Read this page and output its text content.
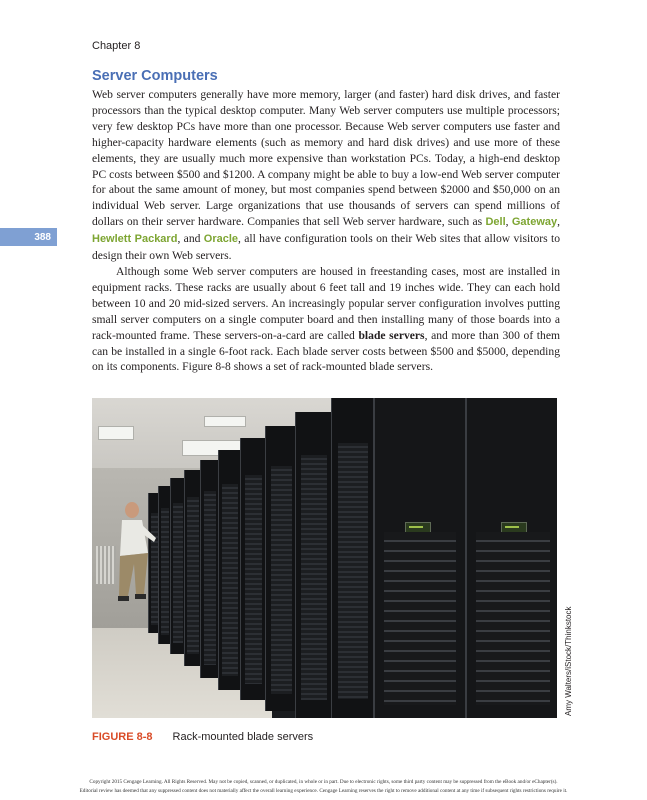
Chapter 8
388
Server Computers

Web server computers generally have more memory, larger (and faster) hard disk drives, and faster processors than the typical desktop computer. Many Web server computers use multiple processors; very few desktop PCs have more than one processor. Because Web server computers use faster and higher-capacity hardware elements (such as memory and hard disk drives) and use more of these elements, they are usually much more expensive than workstation PCs. Today, a high-end desktop PC costs between $500 and $1200. A company might be able to buy a low-end Web server computer for about the same amount of money, but most companies spend between $2000 and $50,000 on an individual Web server. Large organizations that use thousands of servers can spend millions of dollars on their server hardware. Companies that sell Web server hardware, such as Dell, Gateway, Hewlett Packard, and Oracle, all have configuration tools on their Web sites that allow visitors to design their own Web servers.

Although some Web server computers are housed in freestanding cases, most are installed in equipment racks. These racks are usually about 6 feet tall and 19 inches wide. They can each hold between 10 and 20 mid-sized servers. An increasingly popular server configuration involves putting small server computers on a single computer board and then installing many of those boards into a rack-mounted frame. These servers-on-a-card are called blade servers, and more than 300 of them can be installed in a single 6-foot rack. Each blade server costs between $500 and $5000, depending on its components. Figure 8-8 shows a set of rack-mounted blade servers.

Amy Walters/iStock/Thinkstock
FIGURE 8-8 Rack-mounted blade servers
Copyright 2015 Cengage Learning. All Rights Reserved. May not be copied, scanned, or duplicated, in whole or in part. Due to electronic rights, some third party content may be suppressed from the eBook and/or eChapter(s).
Editorial review has deemed that any suppressed content does not materially affect the overall learning experience. Cengage Learning reserves the right to remove additional content at any time if subsequent rights restrictions require it.
